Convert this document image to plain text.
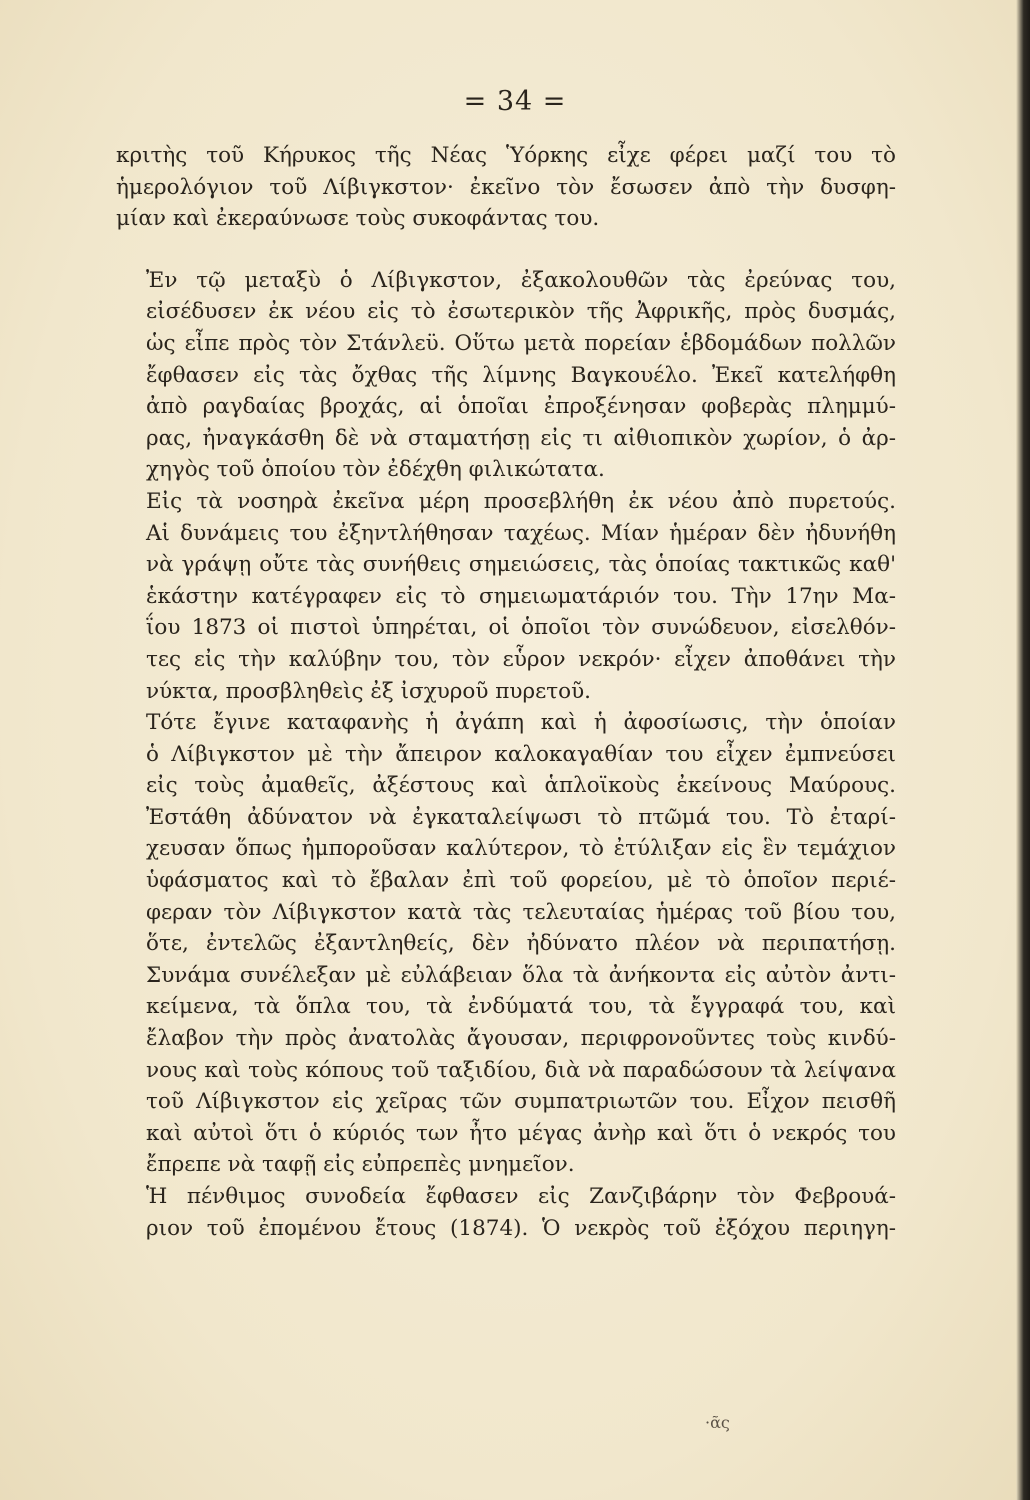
= 34 =

κριτὴς τοῦ Κήρυκος τῆς Νέας Ὑόρκης εἶχε φέρει μαζί του τὸ
ἡμερολόγιον τοῦ Λίβιγκστον· ἐκεῖνο τὸν ἔσωσεν ἀπὸ τὴν δυσφη-
μίαν καὶ ἐκεραύνωσε τοὺς συκοφάντας του.

Ἐν τῷ μεταξὺ ὁ Λίβιγκστον, ἐξακολουθῶν τὰς ἐρεύνας του,
εἰσέδυσεν ἐκ νέου εἰς τὸ ἐσωτερικὸν τῆς Ἀφρικῆς, πρὸς δυσμάς,
ὡς εἶπε πρὸς τὸν Στάνλεϋ. Οὕτω μετὰ πορείαν ἑβδομάδων πολλῶν
ἔφθασεν εἰς τὰς ὄχθας τῆς λίμνης Βαγκουέλο. Ἐκεῖ κατελήφθη
ἀπὸ ραγδαίας βροχάς, αἱ ὁποῖαι ἐπροξένησαν φοβερὰς πλημμύ-
ρας, ἠναγκάσθη δὲ νὰ σταματήσῃ εἰς τι αἰθιοπικὸν χωρίον, ὁ ἀρ-
χηγὸς τοῦ ὁποίου τὸν ἐδέχθη φιλικώτατα.

Εἰς τὰ νοσηρὰ ἐκεῖνα μέρη προσεβλήθη ἐκ νέου ἀπὸ πυρετούς.
Αἱ δυνάμεις του ἐξηντλήθησαν ταχέως. Μίαν ἡμέραν δὲν ἠδυνήθη
νὰ γράψῃ οὔτε τὰς συνήθεις σημειώσεις, τὰς ὁποίας τακτικῶς καθ'
ἑκάστην κατέγραφεν εἰς τὸ σημειωματάριόν του. Τὴν 17ην Μα-
ΐου 1873 οἱ πιστοὶ ὑπηρέται, οἱ ὁποῖοι τὸν συνώδευον, εἰσελθόν-
τες εἰς τὴν καλύβην του, τὸν εὗρον νεκρόν· εἶχεν ἀποθάνει τὴν
νύκτα, προσβληθεὶς ἐξ ἰσχυροῦ πυρετοῦ.

Τότε ἔγινε καταφανὴς ἡ ἀγάπη καὶ ἡ ἀφοσίωσις, τὴν ὁποίαν
ὁ Λίβιγκστον μὲ τὴν ἄπειρον καλοκαγαθίαν του εἶχεν ἐμπνεύσει
εἰς τοὺς ἀμαθεῖς, ἀξέστους καὶ ἁπλοϊκοὺς ἐκείνους Μαύρους.
Ἐστάθη ἀδύνατον νὰ ἐγκαταλείψωσι τὸ πτῶμά του. Τὸ ἐταρί-
χευσαν ὅπως ἠμποροῦσαν καλύτερον, τὸ ἐτύλιξαν εἰς ἓν τεμάχιον
ὑφάσματος καὶ τὸ ἔβαλαν ἐπὶ τοῦ φορείου, μὲ τὸ ὁποῖον περιέ-
φεραν τὸν Λίβιγκστον κατὰ τὰς τελευταίας ἡμέρας τοῦ βίου του,
ὅτε, ἐντελῶς ἐξαντληθείς, δὲν ἠδύνατο πλέον νὰ περιπατήσῃ.
Συνάμα συνέλεξαν μὲ εὐλάβειαν ὅλα τὰ ἀνήκοντα εἰς αὐτὸν ἀντι-
κείμενα, τὰ ὅπλα του, τὰ ἐνδύματά του, τὰ ἔγγραφά του, καὶ
ἔλαβον τὴν πρὸς ἀνατολὰς ἄγουσαν, περιφρονοῦντες τοὺς κινδύ-
νους καὶ τοὺς κόπους τοῦ ταξιδίου, διὰ νὰ παραδώσουν τὰ λείψανα
τοῦ Λίβιγκστον εἰς χεῖρας τῶν συμπατριωτῶν του. Εἶχον πεισθῆ
καὶ αὐτοὶ ὅτι ὁ κύριός των ἦτο μέγας ἀνὴρ καὶ ὅτι ὁ νεκρός του
ἔπρεπε νὰ ταφῇ εἰς εὐπρεπὲς μνημεῖον.

Ἡ πένθιμος συνοδεία ἔφθασεν εἰς Ζανζιβάρην τὸν Φεβρουά-
ριον τοῦ ἐπομένου ἔτους (1874). Ὁ νεκρὸς τοῦ ἐξόχου περιηγη-

·ᾶς
